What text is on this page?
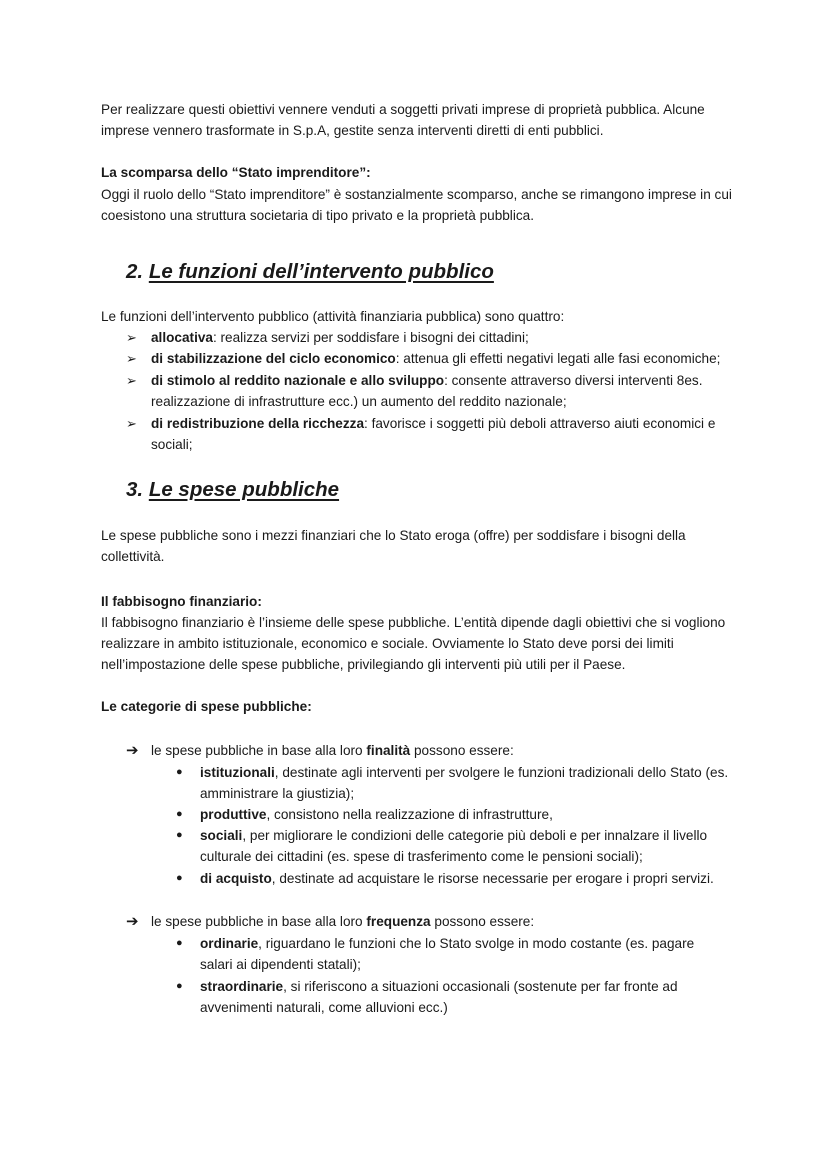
Per realizzare questi obiettivi vennere venduti a soggetti privati imprese di proprietà pubblica. Alcune imprese vennero trasformate in S.p.A, gestite senza interventi diretti di enti pubblici.

La scomparsa dello “Stato imprenditore”:

Oggi il ruolo dello “Stato imprenditore” è sostanzialmente scomparso, anche se rimangono imprese in cui coesistono una struttura societaria di tipo privato e la proprietà pubblica.

2. Le funzioni dell’intervento pubblico

Le funzioni dell’intervento pubblico (attività finanziaria pubblica) sono quattro:

➢ allocativa: realizza servizi per soddisfare i bisogni dei cittadini;

➢ di stabilizzazione del ciclo economico: attenua gli effetti negativi legati alle fasi economiche;

➢ di stimolo al reddito nazionale e allo sviluppo: consente attraverso diversi interventi 8es. realizzazione di infrastrutture ecc.) un aumento del reddito nazionale;

➢ di redistribuzione della ricchezza: favorisce i soggetti più deboli attraverso aiuti economici e sociali;

3. Le spese pubbliche

Le spese pubbliche sono i mezzi finanziari che lo Stato eroga (offre) per soddisfare i bisogni della collettività.

Il fabbisogno finanziario:

Il fabbisogno finanziario è l’insieme delle spese pubbliche. L’entità dipende dagli obiettivi che si vogliono realizzare in ambito istituzionale, economico e sociale. Ovviamente lo Stato deve porsi dei limiti nell’impostazione delle spese pubbliche, privilegiando gli interventi più utili per il Paese.

Le categorie di spese pubbliche:

➔ le spese pubbliche in base alla loro finalità possono essere:

● istituzionali, destinate agli interventi per svolgere le funzioni tradizionali dello Stato (es. amministrare la giustizia);

● produttive, consistono nella realizzazione di infrastrutture,

● sociali, per migliorare le condizioni delle categorie più deboli e per innalzare il livello culturale dei cittadini (es. spese di trasferimento come le pensioni sociali);

● di acquisto, destinate ad acquistare le risorse necessarie per erogare i propri servizi.

➔ le spese pubbliche in base alla loro frequenza possono essere:

● ordinarie, riguardano le funzioni che lo Stato svolge in modo costante (es. pagare salari ai dipendenti statali);

● straordinarie, si riferiscono a situazioni occasionali (sostenute per far fronte ad avvenimenti naturali, come alluvioni ecc.)
